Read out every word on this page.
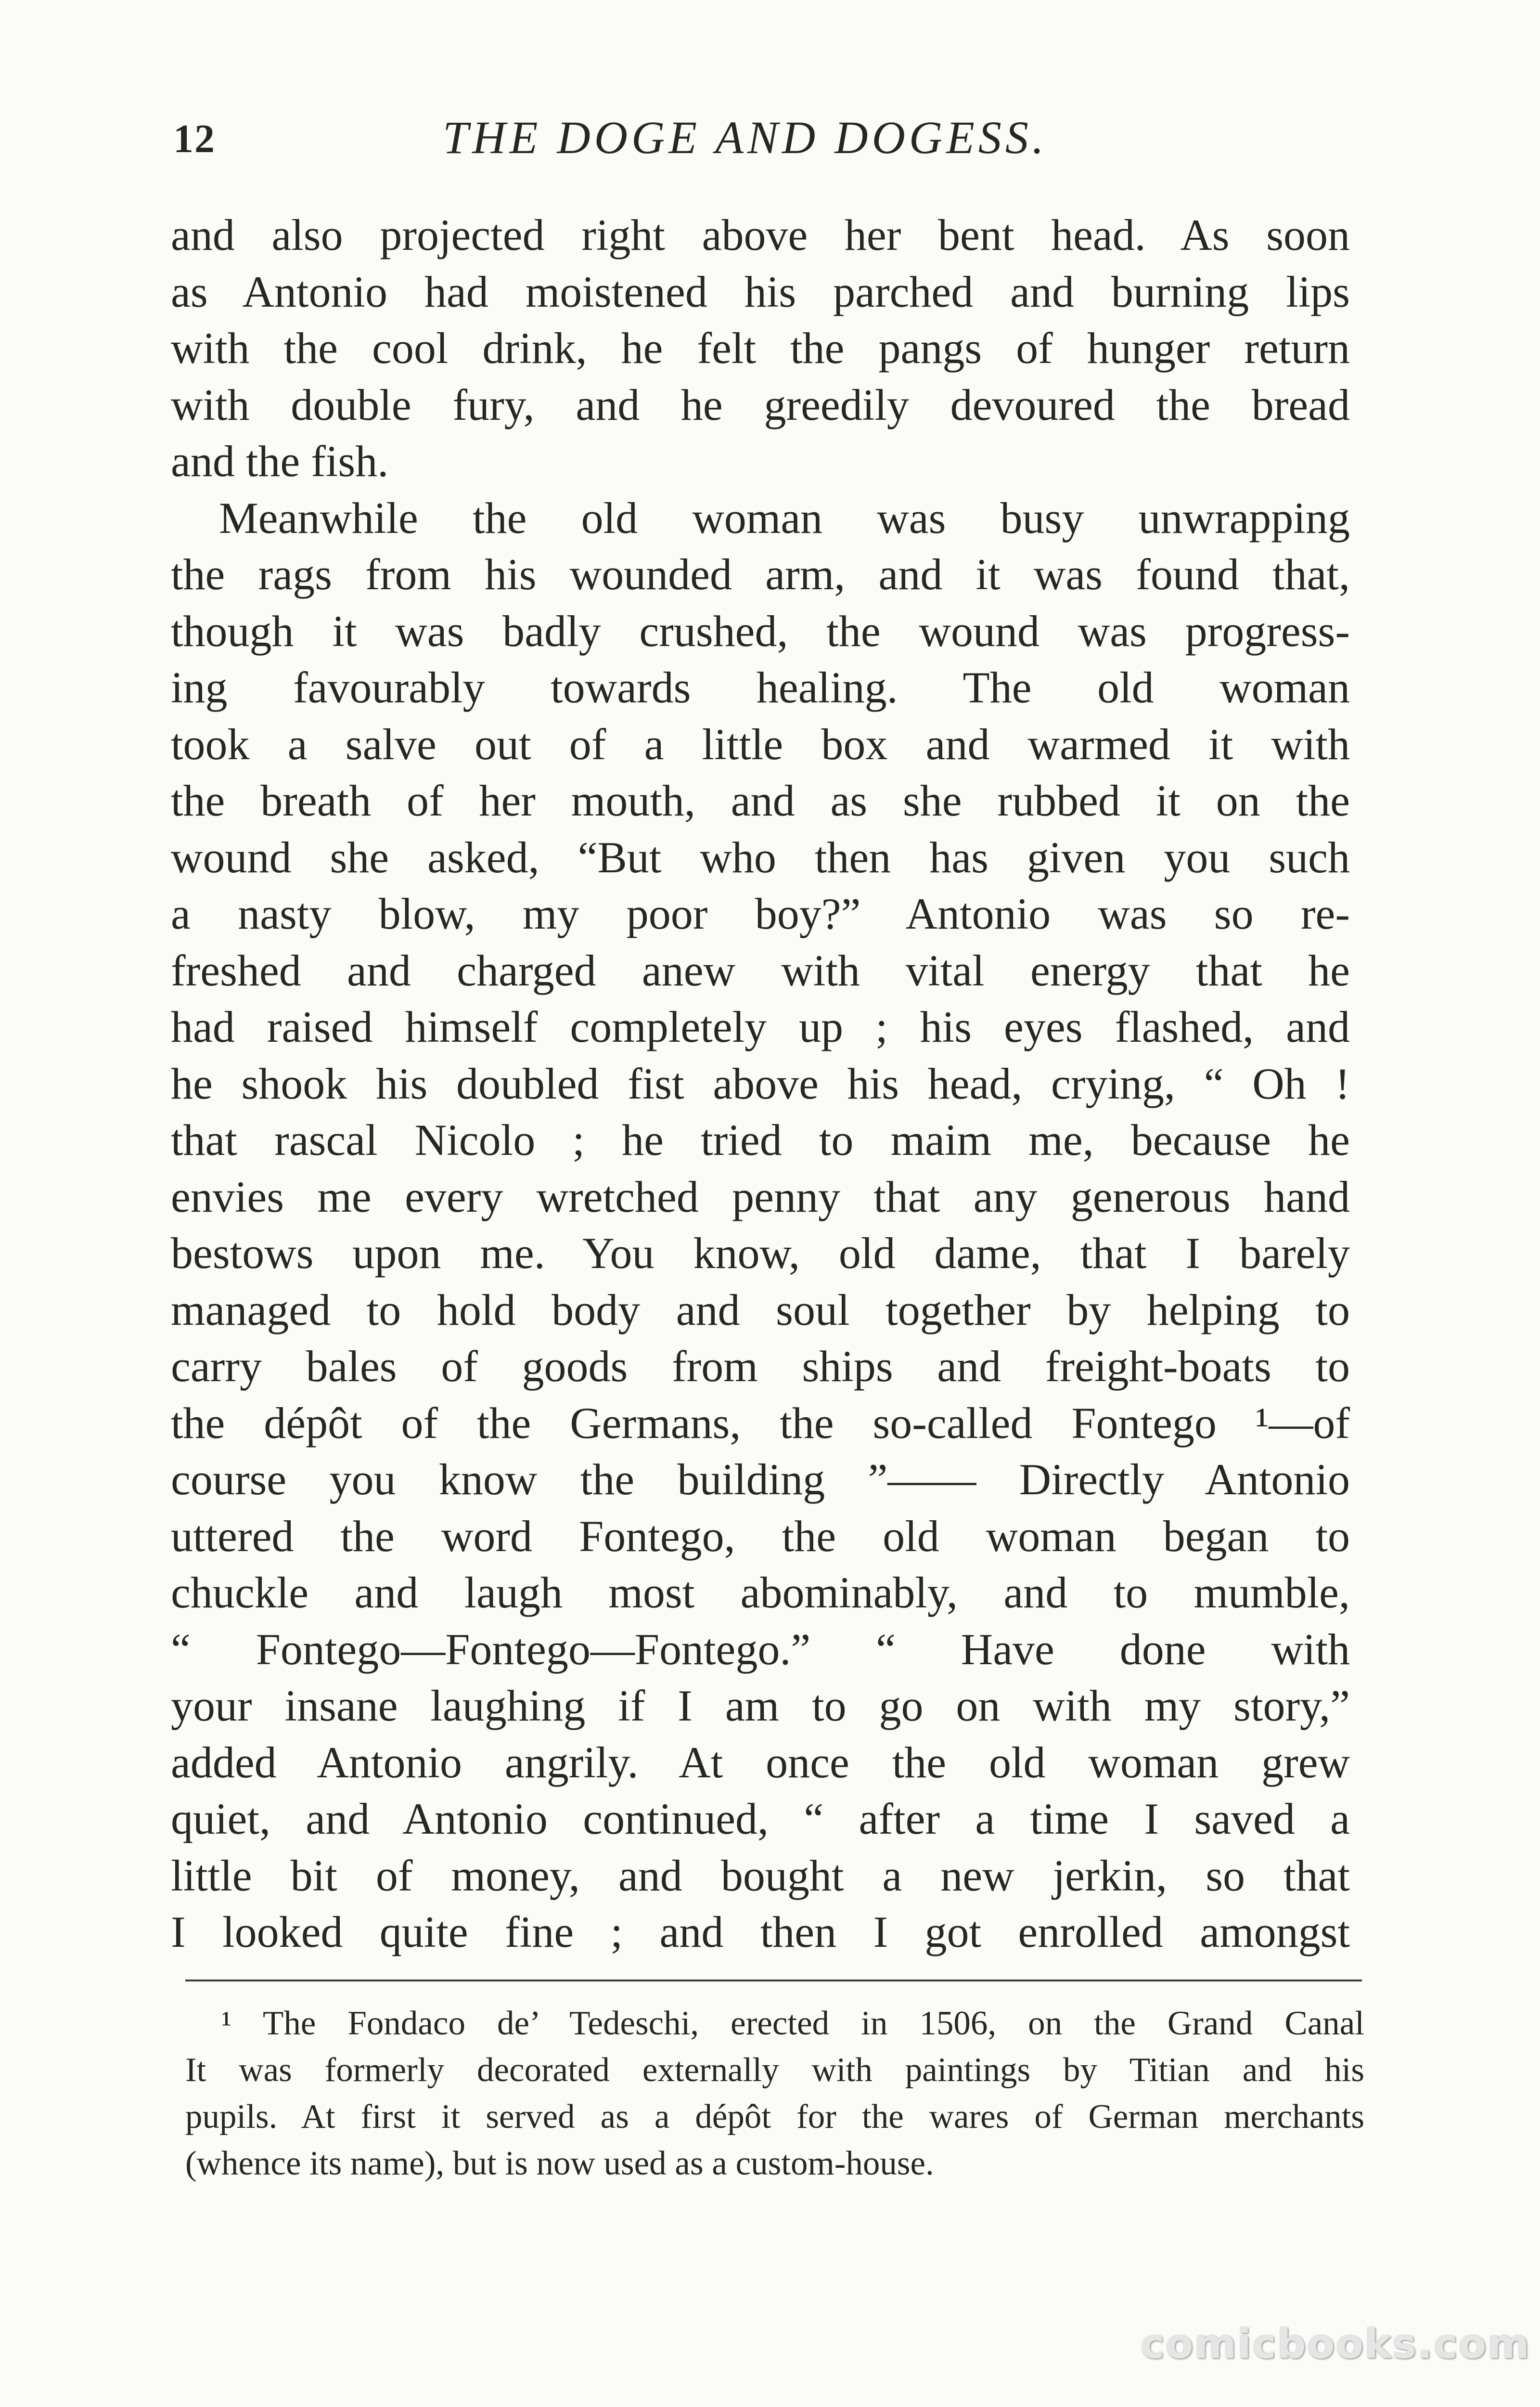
12	THE DOGE AND DOGESS.
and also projected right above her bent head. As soon
as Antonio had moistened his parched and burning lips
with the cool drink, he felt the pangs of hunger return
with double fury, and he greedily devoured the bread
and the fish.
Meanwhile the old woman was busy unwrapping
the rags from his wounded arm, and it was found that,
though it was badly crushed, the wound was progress-
ing favourably towards healing. The old woman
took a salve out of a little box and warmed it with
the breath of her mouth, and as she rubbed it on the
wound she asked, “But who then has given you such
a nasty blow, my poor boy?” Antonio was so re-
freshed and charged anew with vital energy that he
had raised himself completely up ; his eyes flashed, and
he shook his doubled fist above his head, crying, “ Oh !
that rascal Nicolo ; he tried to maim me, because he
envies me every wretched penny that any generous hand
bestows upon me. You know, old dame, that I barely
managed to hold body and soul together by helping to
carry bales of goods from ships and freight-boats to
the dépôt of the Germans, the so-called Fontego ¹—of
course you know the building ”—— Directly Antonio
uttered the word Fontego, the old woman began to
chuckle and laugh most abominably, and to mumble,
“ Fontego—Fontego—Fontego.” “ Have done with
your insane laughing if I am to go on with my story,”
added Antonio angrily. At once the old woman grew
quiet, and Antonio continued, “ after a time I saved a
little bit of money, and bought a new jerkin, so that
I looked quite fine ; and then I got enrolled amongst
¹ The Fondaco de’ Tedeschi, erected in 1506, on the Grand Canal
It was formerly decorated externally with paintings by Titian and his
pupils. At first it served as a dépôt for the wares of German merchants
(whence its name), but is now used as a custom-house.
comicbooks.com
